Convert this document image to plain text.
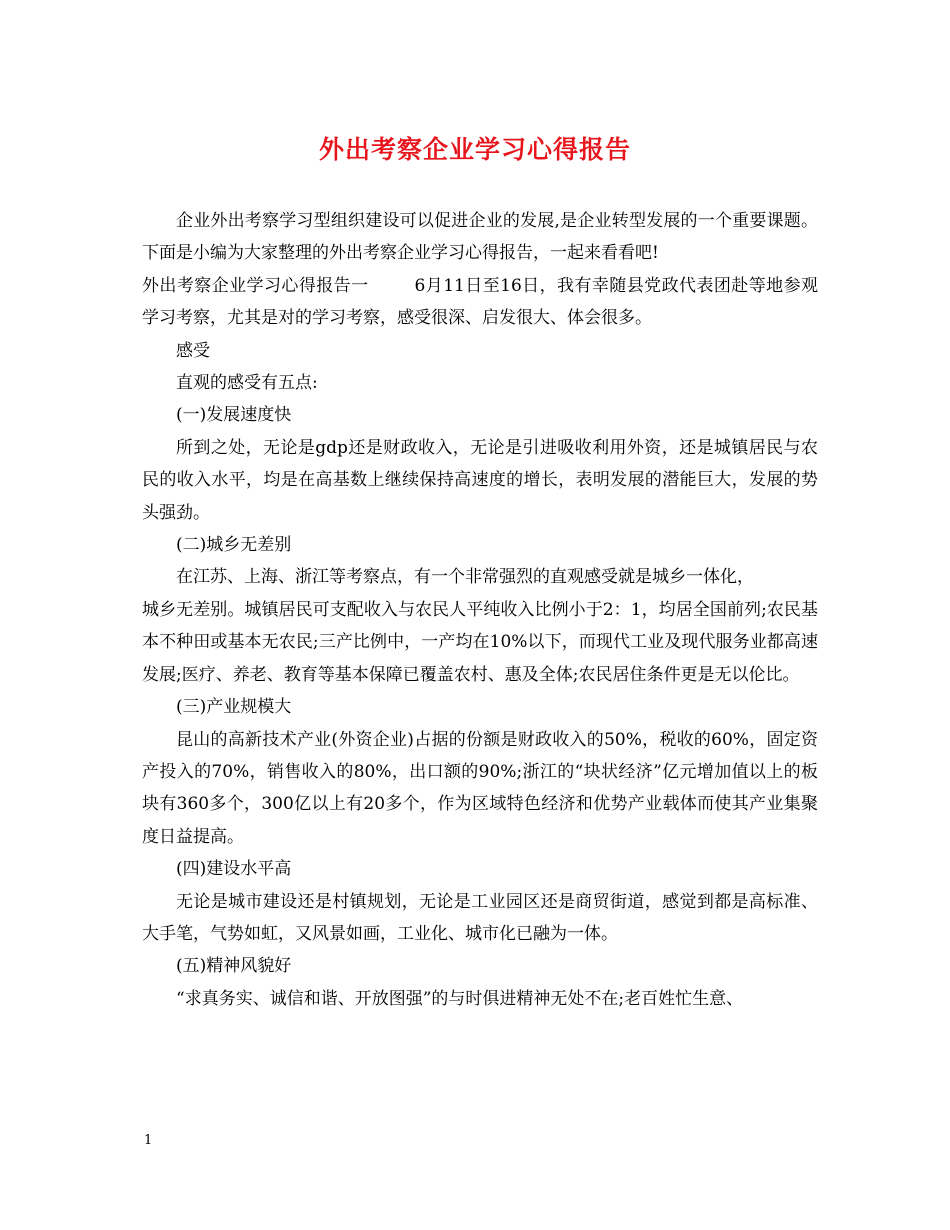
外出考察企业学习心得报告

企业外出考察学习型组织建设可以促进企业的发展,是企业转型发展的一个重要课题。下面是小编为大家整理的外出考察企业学习心得报告，一起来看看吧!

外出考察企业学习心得报告一	6月11日至16日，我有幸随县党政代表团赴等地参观学习考察，尤其是对的学习考察，感受很深、启发很大、体会很多。

感受

直观的感受有五点:

(一)发展速度快

所到之处，无论是gdp还是财政收入，无论是引进吸收利用外资，还是城镇居民与农民的收入水平，均是在高基数上继续保持高速度的增长，表明发展的潜能巨大，发展的势头强劲。

(二)城乡无差别

在江苏、上海、浙江等考察点，有一个非常强烈的直观感受就是城乡一体化，

城乡无差别。城镇居民可支配收入与农民人平纯收入比例小于2：1，均居全国前列;农民基本不种田或基本无农民;三产比例中，一产均在10%以下，而现代工业及现代服务业都高速发展;医疗、养老、教育等基本保障已覆盖农村、惠及全体;农民居住条件更是无以伦比。

(三)产业规模大

昆山的高新技术产业(外资企业)占据的份额是财政收入的50%，税收的60%，固定资产投入的70%，销售收入的80%，出口额的90%;浙江的“块状经济”亿元增加值以上的板块有360多个，300亿以上有20多个，作为区域特色经济和优势产业载体而使其产业集聚度日益提高。

(四)建设水平高

无论是城市建设还是村镇规划，无论是工业园区还是商贸街道，感觉到都是高标准、大手笔，气势如虹，又风景如画，工业化、城市化已融为一体。

(五)精神风貌好

“求真务实、诚信和谐、开放图强”的与时俱进精神无处不在;老百姓忙生意、

1
